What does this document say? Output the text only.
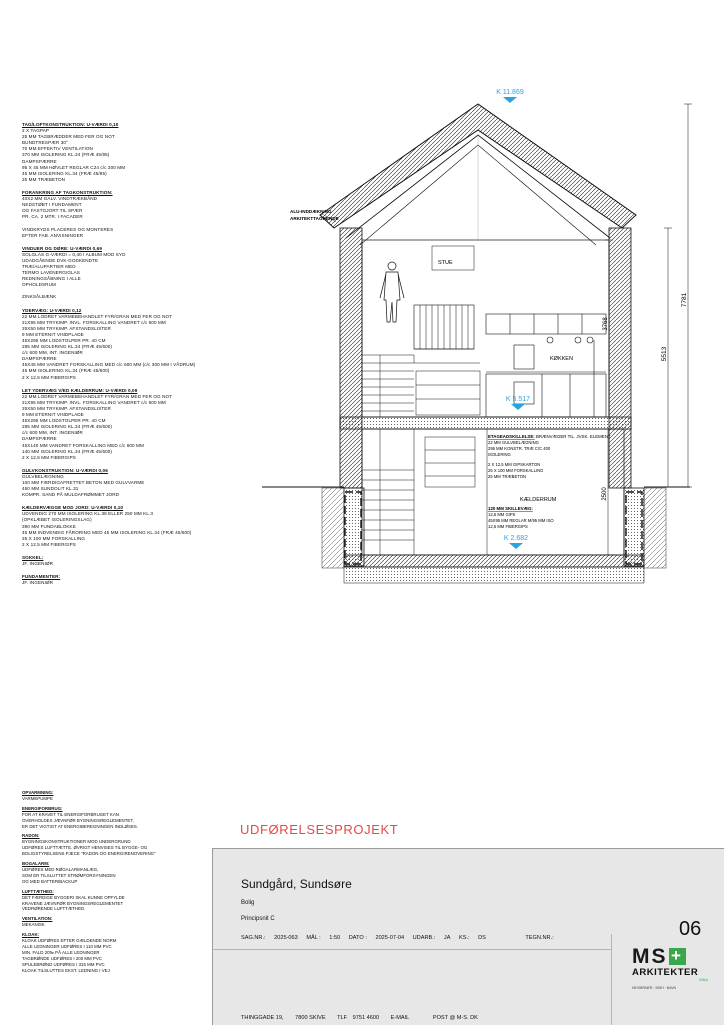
TAG/LOFTKONSTRUKTION: U-VÆRDI 0,10
2 X TAGPAP
25 MM TAGBRÆDDER MED FER OG NOT
BUNDTRESPÆR 30°
70 MM EFFEKTIV VENTILATION
370 MM ISOLERING KL.34 (FRÆ 45/95)
DAMPSPÆRRE
95 X 45 MM HØVLET REGLAR C24 c/c 300 MM
45 MM ISOLERING KL.34 (FRÆ 45/95)
25 MM TRÆBETON
FORANKRING AF TAGKONSTRUKTION:
40X2 MM GALV. VINDTRÆKBÅND
NEDSTØBT I FUNDAMENT
OG FASTGJORT TIL SPÆR
PR. CA. 2 MTR. I FACADER

VINDKRYDS PLACERES OG MONTERES
EFTER FAB. ANVISNINGER
VINDUER OG DØRE: U-VÆRDI 0,69
SOLGLAS G-VÆRDI = 0,40 I ALBUM MOD SYD
UDADGÅENDE DVK-GODKENDTE
TRÆ/ALUPARTIER MED
TERMO LAVENERGIGLAS
REDNINGSÅBNING I ALLE
OPHOLDSRUM

ZINKSÅLBÆNK
YDERVÆG: U-VÆRDI 0,12
22 MM LODRET VARMEBEHANDLET FYR/GRAN MED FER OG NOT
21X95 MM TRYKIMP. INVL. FORSKALLING VANDRET c/c 600 MM
25X50 MM TRYKIMP. AFSTANDSLISTER
9 MM ETERNIT VINDPLADE
45X295 MM LODSTOLPER PR. 40 CM
295 MM ISOLERING KL.34 (FRÆ 45/600)
c/c 600 MM, INT. INGENIØR
DAMPSPÆRRE
45X45 MM VANDRET FORSKALLING MED c/c 600 MM (c/c 300 MM I VÅDRUM)
45 MM ISOLERING KL.34 (FRÆ 45/600)
2 X 12,5 MM FIBERGIPS
LET YDERVÆG V/ED KÆLDERRUM: U-VÆRDI 0,09
22 MM LODRET VARMEBEHANDLET FYR/GRAN MED FER OG NOT
21X95 MM TRYKIMP. INVL. FORSKALLING VANDRET c/c 600 MM
25X50 MM TRYKIMP. AFSTANDSLISTER
9 MM ETERNIT VINDPLADE
45X295 MM LODSTOLPER PR. 40 CM
295 MM ISOLERING KL.34 (FRÆ 45/600)
c/c 600 MM, INT. INGENIØR
DAMPSPÆRRE
45X140 MM VANDRET FORSKALLING MED c/c 600 MM
140 MM ISOLERING KL.34 (FRÆ 45/600)
2 X 12,5 MM FIBERGIPS
GULVKONSTRUKTION: U-VÆRDI 0,06
GULVBELÆGNING
100 MM FÆRDIGAFRETTET BETON MED GULVVARME
450 MM SUNDOLIT KL.31
KOMPR. SAND PÅ MULDAFRØMMET JORD
KÆLDERVÆGGE MOD JORD: U-VÆRDI 0,10
UDVENDIG 270 MM ISOLERING KL.38 ELLER 250 MM KL.3
(OPKLÆBET ISOLERINGSLAG)
390 MM FUNDABLOKKE
45 MM INDVENDIG FÅRORING MED 45 MM ISOLERING KL.34 (FRÆ 45/600)
25 X 100 MM FORSKALLING
2 X 12,5 MM FIBERGIPS
SOKKEL:
JF. INGENIØR
FUNDAMENTER:
JF. INGENIØR
K 11.869
K 5.517
K 2.682
7781
5513
3768
2500
ALU-INDDÆKNING
ARKITEKTTAGRENDE
STUE
KØKKEN
KÆLDERRUM
ETAGEADSKILLELSE: BRÆNVÆGER TIL. JVSK. ELEMENT
22 MM GULVBELÆGNING
295 MM KONSTR. TRÆ C/C 400
ISOLERING
2 X 12,5 MM GIPSKARTON
25 X 100 MM FORSKALLING
25 MM TRÆBETON
120 MM SKILLEVÆG:
12,5 MM GIPS
45X95 MM REGLAR M/95 MM ISO
12,5 MM FIBERGIPS
OPVARMNING:
VARMEPUMPE
ENERGIFORBRUG:
FOR AT KRAVET TIL ENERGIFORBRUGET KAN
OVERHOLDES JÆVNFØR BYGNINGSREGLEMENTET,
ER DET VIGTIGT AT ENERGIBEREGNINGEN INDLØSES.
RADON:
BYGNINGSKONSTRUKTIONER MOD UNDERGRUND
UDFØRES LUFTTÆTTE. ØVRIGT HENVISES TIL BYGGE- OG
BOLIGSTYRELSENS PJECE "RADON OG ENERGIRENOVERING"
BOGALARM:
UDFØRES MED RØGALARMANLÆG,
SOM ER TILSLUTTET STRØMFORSYNINGEN
OG MED BATTERIBACKUP
LUFTTÆTHED:
DET FÆRDIGE BYGGERI SKAL KUNNE OPFYLDE
KRAVENE JÆVNFØR BYGNINGSREGLEMENTET
VEDRØRENDE LUFTTÆTHED.
VENTILATION:
MEKANISK
KLOAK:
KLOAK UDFØRES EFTER GÆLDENDE NORM
ALLE LEDNINGER UDFØRES I 110 MM PVC
MIN. FALD 20‰ PÅ ALLE LEDNINGER
TAGBRØNDE UDFØRES I 200 MM PVC
SPULEBRØND UDFØRES I 315 MM PVC
KLOAK TILSLUTTES EKST. LEDNING I VEJ
UDFØRELSESPROJEKT
Sundgård, Sundsøre
Bolig
Principsnit C
SAG.NR.: 2025-063 MÅL : 1:50 DATO : 2025-07-04 UDARB.: JA KS.: DS	TEGN.NR.:	06
THINGGADE 19, 7800 SKIVE TLF 9751 4600 E-MAIL	POST @ M-S. DK
MS +
ARKITEKTER
MAA
NEVIBRNER · BISH · BAVN
